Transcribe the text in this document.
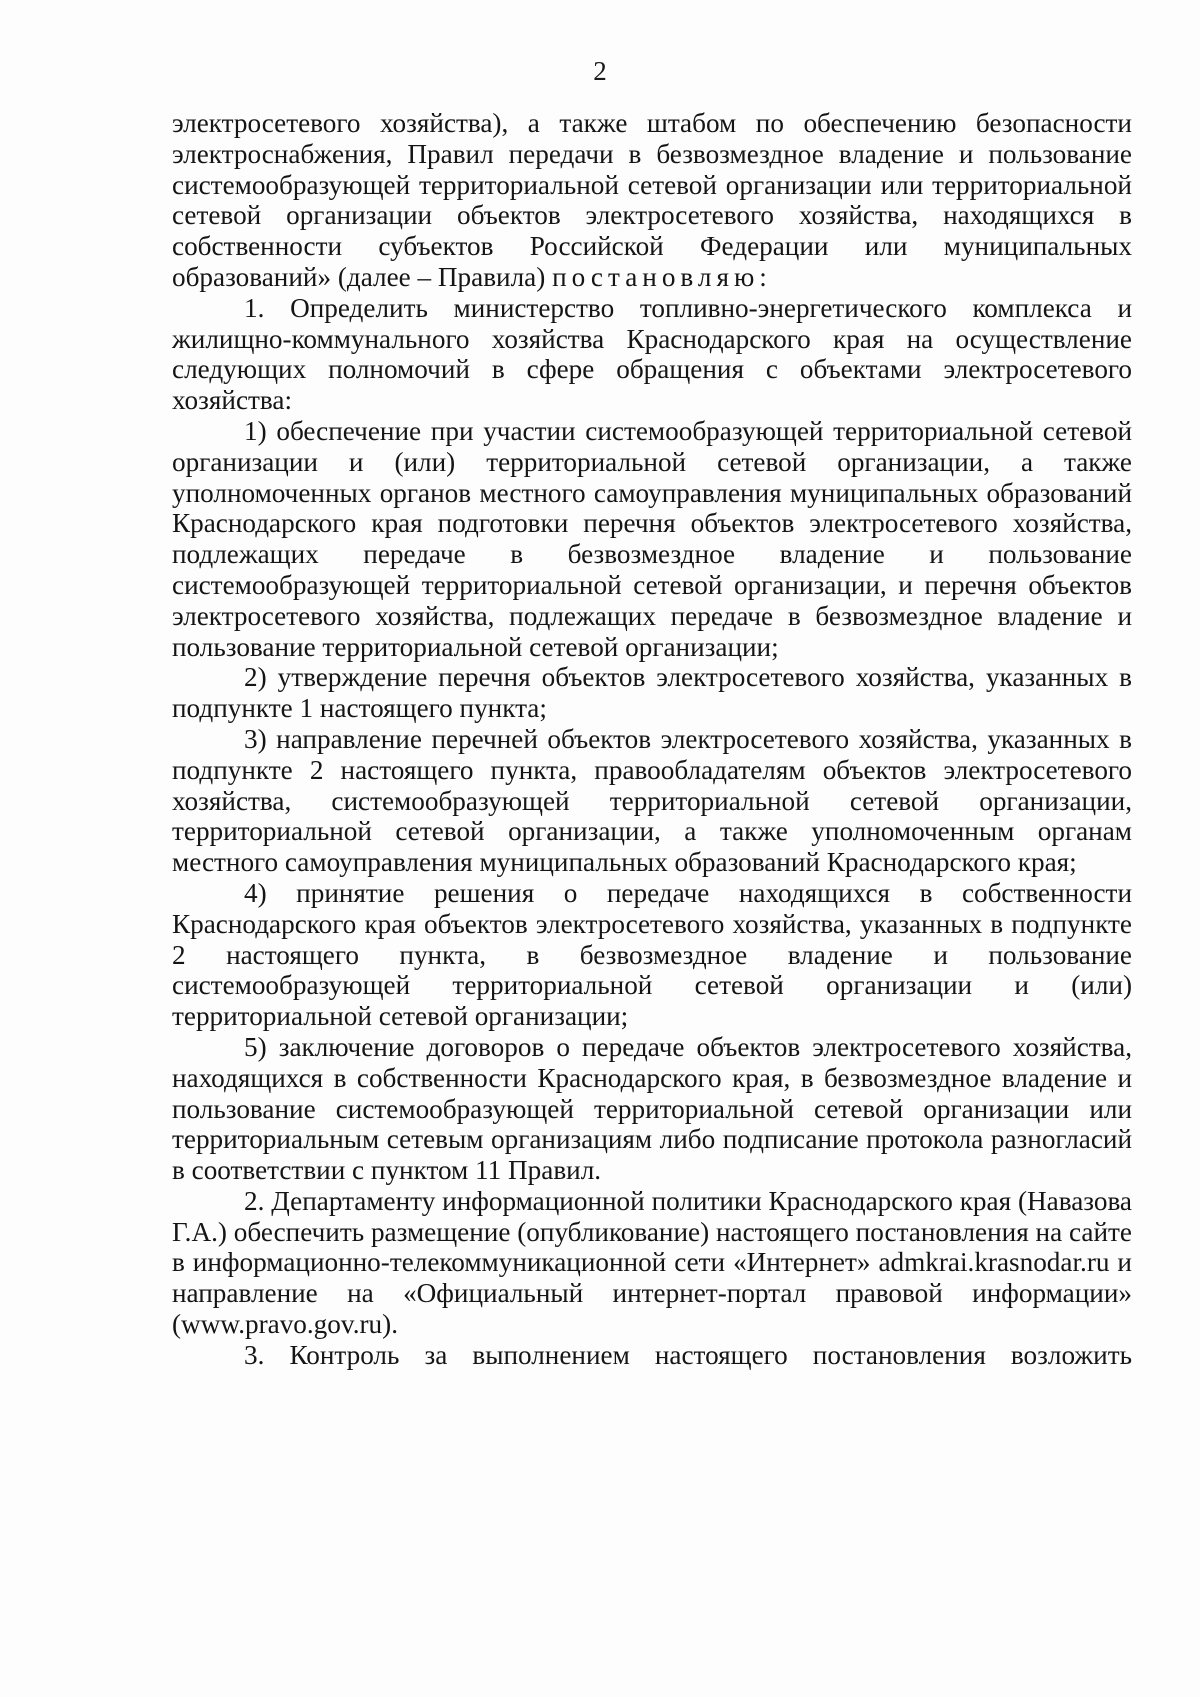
2

электросетевого хозяйства), а также штабом по обеспечению безопасности электроснабжения, Правил передачи в безвозмездное владение и пользование системообразующей территориальной сетевой организации или территориальной сетевой организации объектов электросетевого хозяйства, находящихся в собственности субъектов Российской Федерации или муниципальных образований» (далее – Правила) постановляю:

1. Определить министерство топливно-энергетического комплекса и жилищно-коммунального хозяйства Краснодарского края на осуществление следующих полномочий в сфере обращения с объектами электросетевого хозяйства:

1) обеспечение при участии системообразующей территориальной сетевой организации и (или) территориальной сетевой организации, а также уполномоченных органов местного самоуправления муниципальных образований Краснодарского края подготовки перечня объектов электросетевого хозяйства, подлежащих передаче в безвозмездное владение и пользование системообразующей территориальной сетевой организации, и перечня объектов электросетевого хозяйства, подлежащих передаче в безвозмездное владение и пользование территориальной сетевой организации;

2) утверждение перечня объектов электросетевого хозяйства, указанных в подпункте 1 настоящего пункта;

3) направление перечней объектов электросетевого хозяйства, указанных в подпункте 2 настоящего пункта, правообладателям объектов электросетевого хозяйства, системообразующей территориальной сетевой организации, территориальной сетевой организации, а также уполномоченным органам местного самоуправления муниципальных образований Краснодарского края;

4) принятие решения о передаче находящихся в собственности Краснодарского края объектов электросетевого хозяйства, указанных в подпункте 2 настоящего пункта, в безвозмездное владение и пользование системообразующей территориальной сетевой организации и (или) территориальной сетевой организации;

5) заключение договоров о передаче объектов электросетевого хозяйства, находящихся в собственности Краснодарского края, в безвозмездное владение и пользование системообразующей территориальной сетевой организации или территориальным сетевым организациям либо подписание протокола разногласий в соответствии с пунктом 11 Правил.

2. Департаменту информационной политики Краснодарского края (Навазова Г.А.) обеспечить размещение (опубликование) настоящего постановления на сайте в информационно-телекоммуникационной сети «Интернет» admkrai.krasnodar.ru и направление на «Официальный интернет-портал правовой информации» (www.pravo.gov.ru).

3. Контроль за выполнением настоящего постановления возложить
